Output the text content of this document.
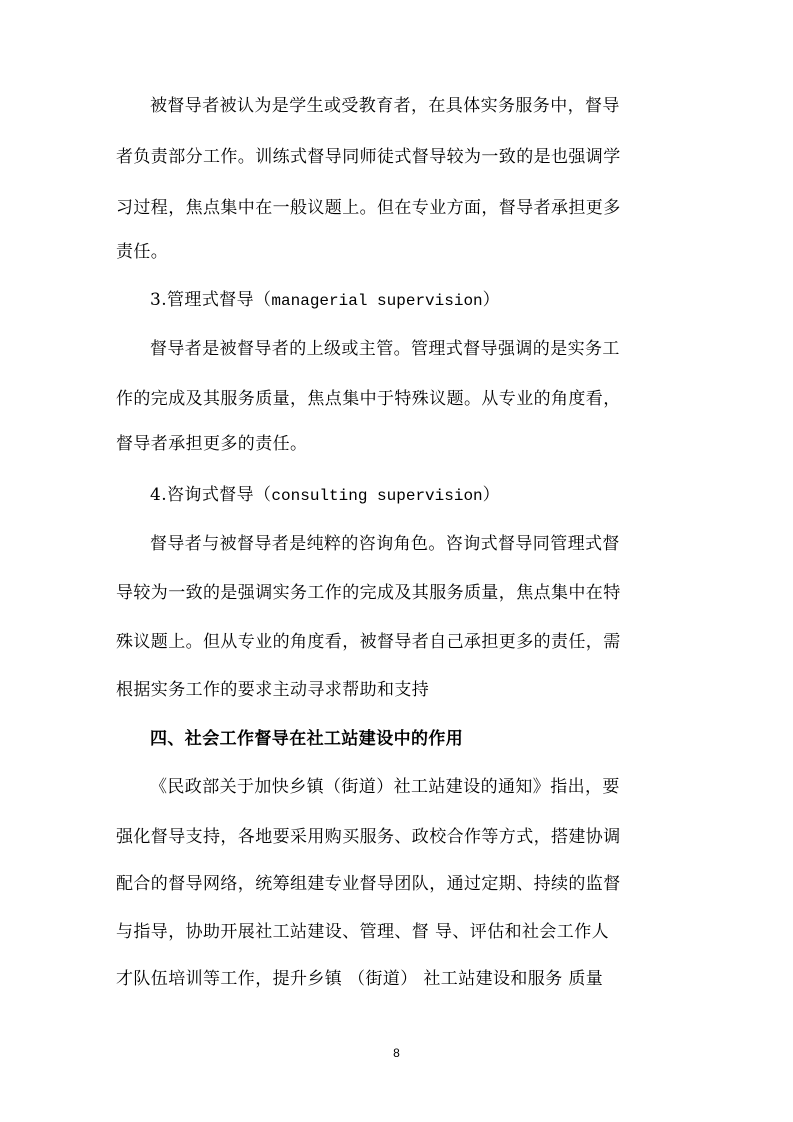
被督导者被认为是学生或受教育者，在具体实务服务中，督导
者负责部分工作。训练式督导同师徒式督导较为一致的是也强调学
习过程，焦点集中在一般议题上。但在专业方面，督导者承担更多
责任。
3.管理式督导（managerial supervision）
督导者是被督导者的上级或主管。管理式督导强调的是实务工
作的完成及其服务质量，焦点集中于特殊议题。从专业的角度看，
督导者承担更多的责任。
4.咨询式督导（consulting supervision）
督导者与被督导者是纯粹的咨询角色。咨询式督导同管理式督
导较为一致的是强调实务工作的完成及其服务质量，焦点集中在特
殊议题上。但从专业的角度看，被督导者自己承担更多的责任，需
根据实务工作的要求主动寻求帮助和支持
四、社会工作督导在社工站建设中的作用
《民政部关于加快乡镇（街道）社工站建设的通知》指出，要
强化督导支持，各地要采用购买服务、政校合作等方式，搭建协调
配合的督导网络，统筹组建专业督导团队，通过定期、持续的监督
与指导，协助开展社工站建设、管理、督 导、评估和社会工作人
才队伍培训等工作，提升乡镇 （街道） 社工站建设和服务 质量
8
